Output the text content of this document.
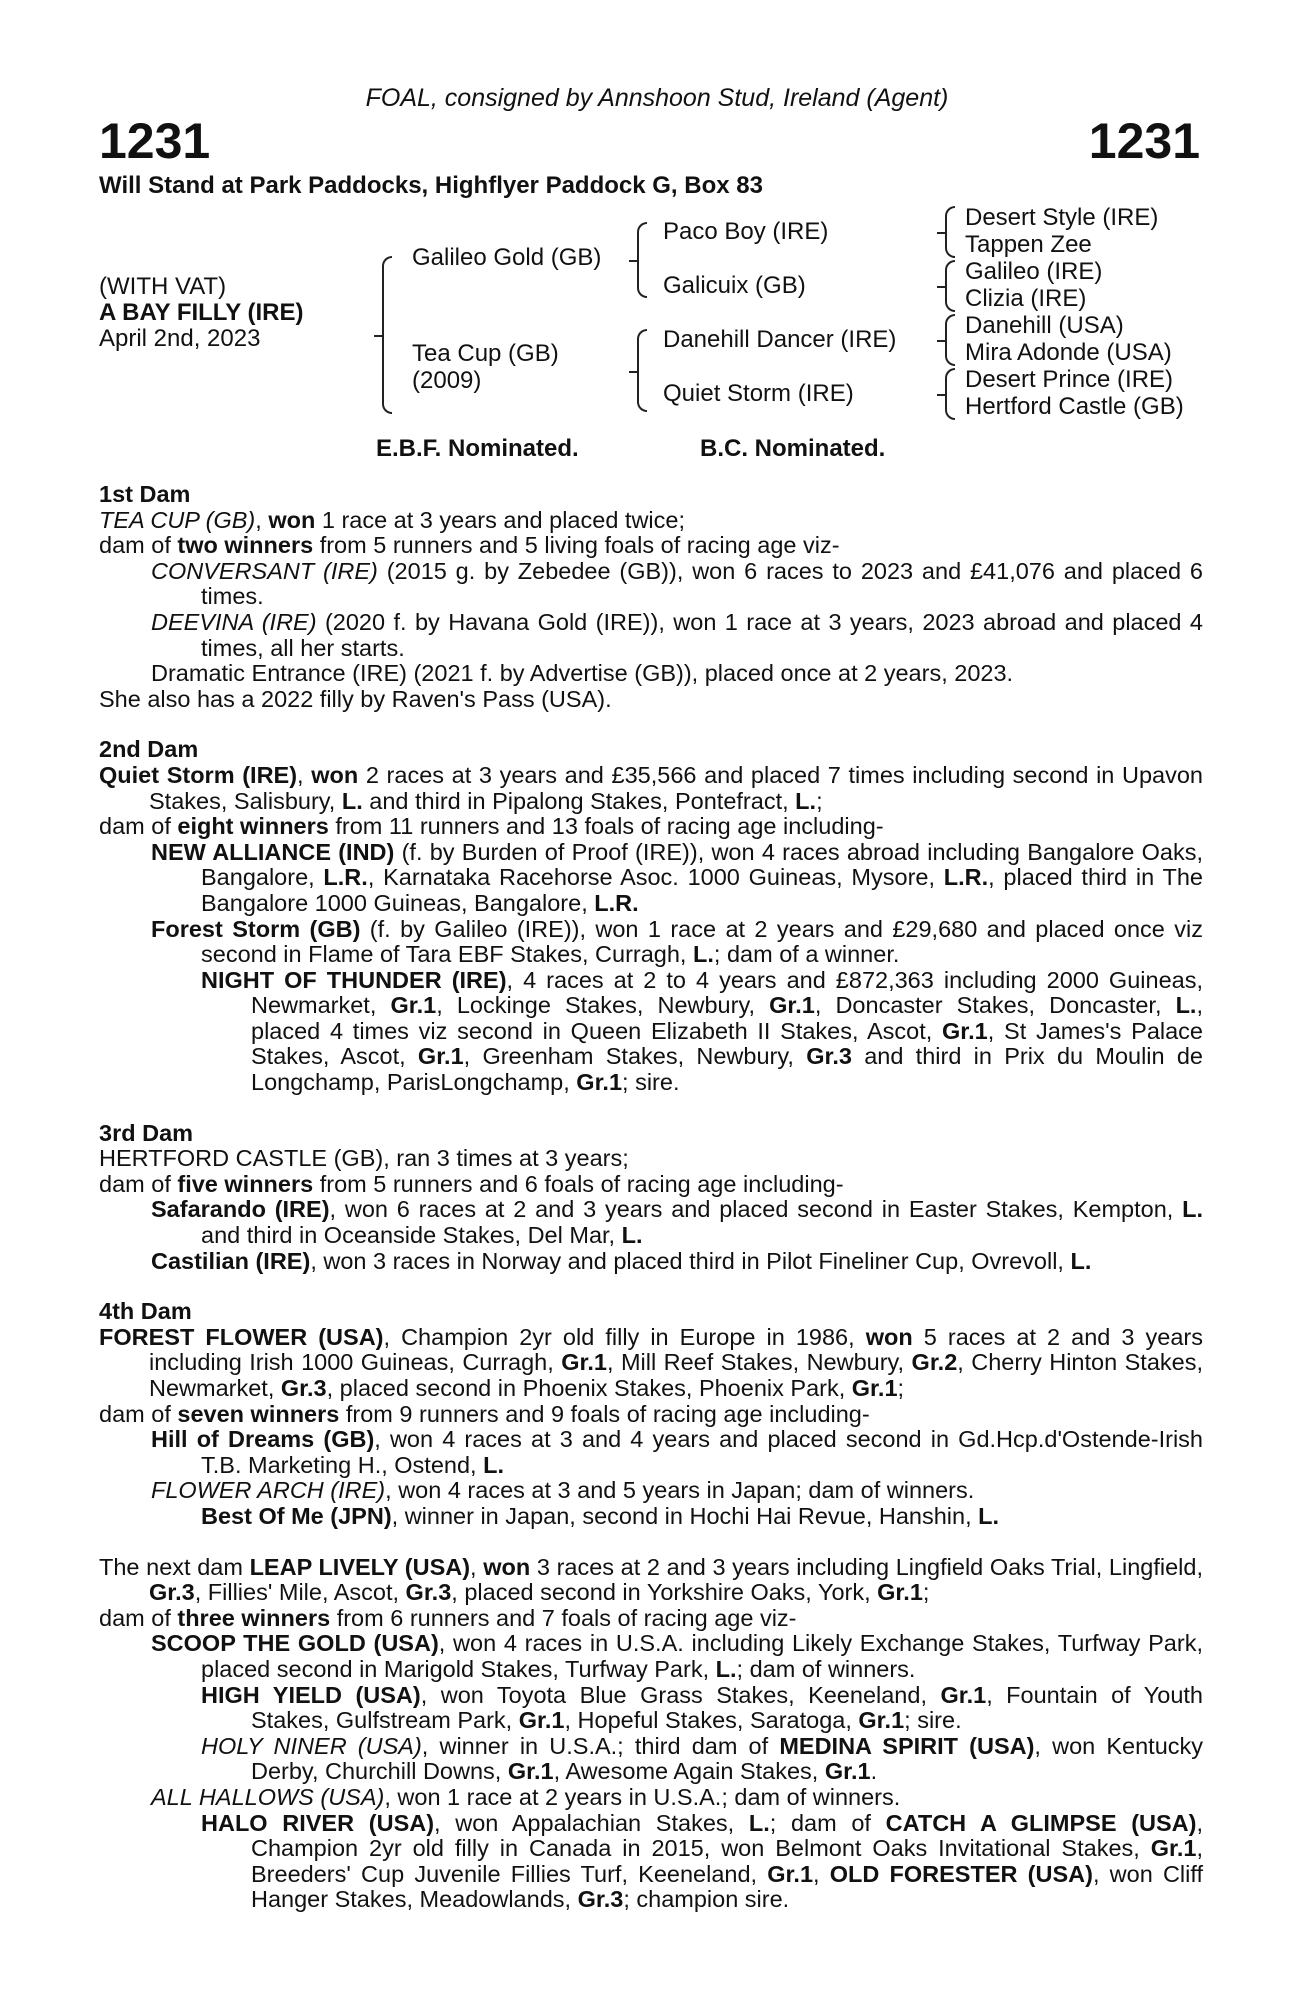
FOAL, consigned by Annshoon Stud, Ireland (Agent)
1231	1231
Will Stand at Park Paddocks, Highflyer Paddock G, Box 83
(WITH VAT)
A BAY FILLY (IRE)
April 2nd, 2023
Galileo Gold (GB)
Tea Cup (GB)
(2009)
Paco Boy (IRE)
Galicuix (GB)
Danehill Dancer (IRE)
Quiet Storm (IRE)
Desert Style (IRE)
Tappen Zee
Galileo (IRE)
Clizia (IRE)
Danehill (USA)
Mira Adonde (USA)
Desert Prince (IRE)
Hertford Castle (GB)
E.B.F. Nominated.	B.C. Nominated.
1st Dam
TEA CUP (GB), won 1 race at 3 years and placed twice;
dam of two winners from 5 runners and 5 living foals of racing age viz-
CONVERSANT (IRE) (2015 g. by Zebedee (GB)), won 6 races to 2023 and £41,076 and placed 6 times.
DEEVINA (IRE) (2020 f. by Havana Gold (IRE)), won 1 race at 3 years, 2023 abroad and placed 4 times, all her starts.
Dramatic Entrance (IRE) (2021 f. by Advertise (GB)), placed once at 2 years, 2023.
She also has a 2022 filly by Raven's Pass (USA).
2nd Dam
Quiet Storm (IRE), won 2 races at 3 years and £35,566 and placed 7 times including second in Upavon Stakes, Salisbury, L. and third in Pipalong Stakes, Pontefract, L.;
dam of eight winners from 11 runners and 13 foals of racing age including-
NEW ALLIANCE (IND) (f. by Burden of Proof (IRE)), won 4 races abroad including Bangalore Oaks, Bangalore, L.R., Karnataka Racehorse Asoc. 1000 Guineas, Mysore, L.R., placed third in The Bangalore 1000 Guineas, Bangalore, L.R.
Forest Storm (GB) (f. by Galileo (IRE)), won 1 race at 2 years and £29,680 and placed once viz second in Flame of Tara EBF Stakes, Curragh, L.; dam of a winner.
NIGHT OF THUNDER (IRE), 4 races at 2 to 4 years and £872,363 including 2000 Guineas, Newmarket, Gr.1, Lockinge Stakes, Newbury, Gr.1, Doncaster Stakes, Doncaster, L., placed 4 times viz second in Queen Elizabeth II Stakes, Ascot, Gr.1, St James's Palace Stakes, Ascot, Gr.1, Greenham Stakes, Newbury, Gr.3 and third in Prix du Moulin de Longchamp, ParisLongchamp, Gr.1; sire.
3rd Dam
HERTFORD CASTLE (GB), ran 3 times at 3 years;
dam of five winners from 5 runners and 6 foals of racing age including-
Safarando (IRE), won 6 races at 2 and 3 years and placed second in Easter Stakes, Kempton, L. and third in Oceanside Stakes, Del Mar, L.
Castilian (IRE), won 3 races in Norway and placed third in Pilot Fineliner Cup, Ovrevoll, L.
4th Dam
FOREST FLOWER (USA), Champion 2yr old filly in Europe in 1986, won 5 races at 2 and 3 years including Irish 1000 Guineas, Curragh, Gr.1, Mill Reef Stakes, Newbury, Gr.2, Cherry Hinton Stakes, Newmarket, Gr.3, placed second in Phoenix Stakes, Phoenix Park, Gr.1;
dam of seven winners from 9 runners and 9 foals of racing age including-
Hill of Dreams (GB), won 4 races at 3 and 4 years and placed second in Gd.Hcp.d'Ostende-Irish T.B. Marketing H., Ostend, L.
FLOWER ARCH (IRE), won 4 races at 3 and 5 years in Japan; dam of winners.
Best Of Me (JPN), winner in Japan, second in Hochi Hai Revue, Hanshin, L.
The next dam LEAP LIVELY (USA), won 3 races at 2 and 3 years including Lingfield Oaks Trial, Lingfield, Gr.3, Fillies' Mile, Ascot, Gr.3, placed second in Yorkshire Oaks, York, Gr.1;
dam of three winners from 6 runners and 7 foals of racing age viz-
SCOOP THE GOLD (USA), won 4 races in U.S.A. including Likely Exchange Stakes, Turfway Park, placed second in Marigold Stakes, Turfway Park, L.; dam of winners.
HIGH YIELD (USA), won Toyota Blue Grass Stakes, Keeneland, Gr.1, Fountain of Youth Stakes, Gulfstream Park, Gr.1, Hopeful Stakes, Saratoga, Gr.1; sire.
HOLY NINER (USA), winner in U.S.A.; third dam of MEDINA SPIRIT (USA), won Kentucky Derby, Churchill Downs, Gr.1, Awesome Again Stakes, Gr.1.
ALL HALLOWS (USA), won 1 race at 2 years in U.S.A.; dam of winners.
HALO RIVER (USA), won Appalachian Stakes, L.; dam of CATCH A GLIMPSE (USA), Champion 2yr old filly in Canada in 2015, won Belmont Oaks Invitational Stakes, Gr.1, Breeders' Cup Juvenile Fillies Turf, Keeneland, Gr.1, OLD FORESTER (USA), won Cliff Hanger Stakes, Meadowlands, Gr.3; champion sire.
